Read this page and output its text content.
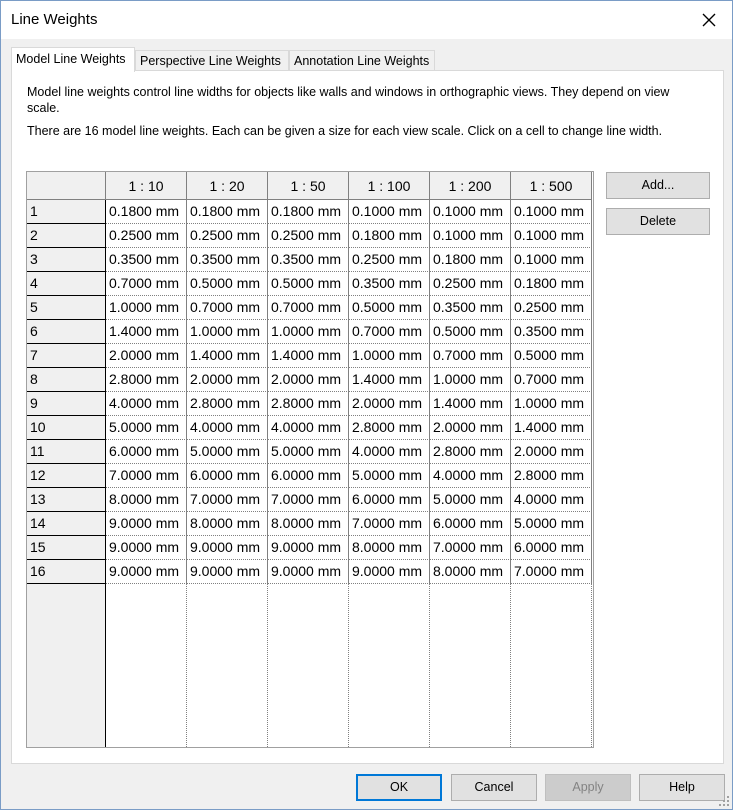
Line Weights
Model Line Weights	Perspective Line Weights	Annotation Line Weights
Model line weights control line widths for objects like walls and windows in orthographic views. They depend on view
scale.
There are 16 model line weights. Each can be given a size for each view scale. Click on a cell to change line width.
1 : 10	1 : 20	1 : 50	1 : 100	1 : 200	1 : 500
1	0.1800 mm 0.1800 mm 0.1800 mm 0.1000 mm 0.1000 mm 0.1000 mm
2	0.2500 mm 0.2500 mm 0.2500 mm 0.1800 mm 0.1000 mm 0.1000 mm
3	0.3500 mm 0.3500 mm 0.3500 mm 0.2500 mm 0.1800 mm 0.1000 mm
4	0.7000 mm 0.5000 mm 0.5000 mm 0.3500 mm 0.2500 mm 0.1800 mm
5	1.0000 mm 0.7000 mm 0.7000 mm 0.5000 mm 0.3500 mm 0.2500 mm
6	1.4000 mm 1.0000 mm 1.0000 mm 0.7000 mm 0.5000 mm 0.3500 mm
7	2.0000 mm 1.4000 mm 1.4000 mm 1.0000 mm 0.7000 mm 0.5000 mm
8	2.8000 mm 2.0000 mm 2.0000 mm 1.4000 mm 1.0000 mm 0.7000 mm
9	4.0000 mm 2.8000 mm 2.8000 mm 2.0000 mm 1.4000 mm 1.0000 mm
10	5.0000 mm 4.0000 mm 4.0000 mm 2.8000 mm 2.0000 mm 1.4000 mm
11	6.0000 mm 5.0000 mm 5.0000 mm 4.0000 mm 2.8000 mm 2.0000 mm
12	7.0000 mm 6.0000 mm 6.0000 mm 5.0000 mm 4.0000 mm 2.8000 mm
13	8.0000 mm 7.0000 mm 7.0000 mm 6.0000 mm 5.0000 mm 4.0000 mm
14	9.0000 mm 8.0000 mm 8.0000 mm 7.0000 mm 6.0000 mm 5.0000 mm
15	9.0000 mm 9.0000 mm 9.0000 mm 8.0000 mm 7.0000 mm 6.0000 mm
16	9.0000 mm 9.0000 mm 9.0000 mm 9.0000 mm 8.0000 mm 7.0000 mm
Add...
Delete
OK	Cancel	Apply	Help
